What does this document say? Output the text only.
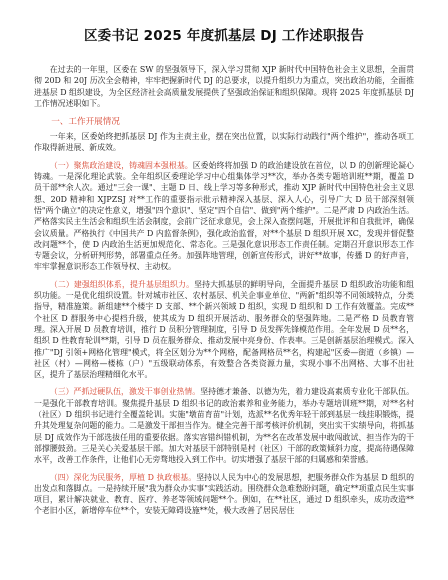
区委书记 2025 年度抓基层 DJ 工作述职报告

在过去的一年里，区委在 SW 的坚强领导下，深入学习贯彻 XJP 新时代中国特色社会主义思想，全面贯彻 20D 和 20J 历次全会精神，牢牢把握新时代 DJ 的总要求，以提升组织力为重点，突出政治功能，全面推进基层 D 组织建设，为全区经济社会高质量发展提供了坚强政治保证和组织保障。现将 2025 年度抓基层 DJ 工作情况述职如下。

一、工作开展情况

一年来，区委始终把抓基层 DJ 作为主责主业，摆在突出位置，以实际行动践行"两个维护"，推动各项工作取得新进展、新成效。

（一）聚焦政治建设，铸魂固本强根基。区委始终将加强 D 的政治建设放在首位，以 D 的创新理论凝心铸魂。一是深化理论武装。全年组织区委理论学习中心组集体学习**次，举办各类专题培训班**期，覆盖 D 员干部**余人次。通过"三会一课"、主题 D 日、线上学习等多种形式，推动 XJP 新时代中国特色社会主义思想、20D 精神和 XJPZSJ 对**工作的重要指示批示精神深入基层、深入人心，引导广大 D 员干部深刻领悟"两个确立"的决定性意义，增强"四个意识"、坚定"四个自信"、做到"两个维护"。二是严肃 D 内政治生活。严格落实民主生活会和组织生活会制度，会前广泛征求意见，会上深入查摆问题，开展批评和自我批评，确保会议质量。严格执行《中国共产 D 内监督条例》，强化政治监督，对**个基层 D 组织开展 XC，发现并督促整改问题**个，使 D 内政治生活更加规范化、常态化。三是强化意识形态工作责任制。定期召开意识形态工作专题会议，分析研判形势，部署重点任务。加强阵地管理，创新宣传形式，讲好**故事，传播 D 的好声音，牢牢掌握意识形态工作领导权、主动权。

（二）建强组织体系，提升基层组织力。坚持大抓基层的鲜明导向，全面提升基层 D 组织政治功能和组织功能。一是优化组织设置。针对城市社区、农村基层、机关企事业单位、"两新"组织等不同领域特点，分类指导，精准施策。新组建**个楼宇 D 支部、**个新兴领域 D 组织，实现 D 组织和 D 工作有效覆盖。完成**个社区 D 群服务中心提档升级，使其成为 D 组织开展活动、服务群众的坚强阵地。二是严格 D 员教育管理。深入开展 D 员教育培训，推行 D 员积分管理制度，引导 D 员发挥先锋模范作用。全年发展 D 员**名，组织 D 性教育轮训**期，引导 D 员在服务群众、推动发展中亮身份、作表率。三是创新基层治理模式。深入推广"DJ 引领+网格化管理"模式，将全区划分为**个网格，配备网格员**名，构建起"区委—街道（乡镇）—社区（村）—网格—楼栋（户）"五级联动体系，有效整合各类资源力量，实现小事不出网格、大事不出社区，提升了基层治理精细化水平。

（三）严抓过硬队伍，激发干事创业热情。坚持德才兼备、以德为先，着力建设高素质专业化干部队伍。一是强化干部教育培训。聚焦提升基层 D 组织书记的政治素养和业务能力，举办专题培训班**期，对**名村（社区）D 组织书记进行全覆盖轮训。实施"墩苗育苗"计划，选派**名优秀年轻干部到基层一线挂职锻炼，提升其处理复杂问题的能力。二是激发干部担当作为。健全完善干部考核评价机制，突出实干实绩导向，将抓基层 DJ 成效作为干部选拔任用的重要依据。落实容错纠错机制，为**名在改革发展中敢闯敢试、担当作为的干部撑腰鼓劲。三是关心关爱基层干部。加大对基层干部特别是村（社区）干部的政策倾斜力度，提高待遇保障水平，改善工作条件，让他们心无旁骛地投入到工作中。切实增强了基层干部的归属感和荣誉感。

（四）深化为民服务，厚植 D 执政根基。坚持以人民为中心的发展思想，把服务群众作为基层 D 组织的出发点和落脚点。一是持续开展"我为群众办实事"实践活动。围绕群众急难愁盼问题，确定**项重点民生实事项目，累计解决就业、教育、医疗、养老等领域问题**个。例如，在**社区，通过 D 组织牵头，成功改造**个老旧小区，新增停车位**个，安装无障碍设施**处，极大改善了居民居住
